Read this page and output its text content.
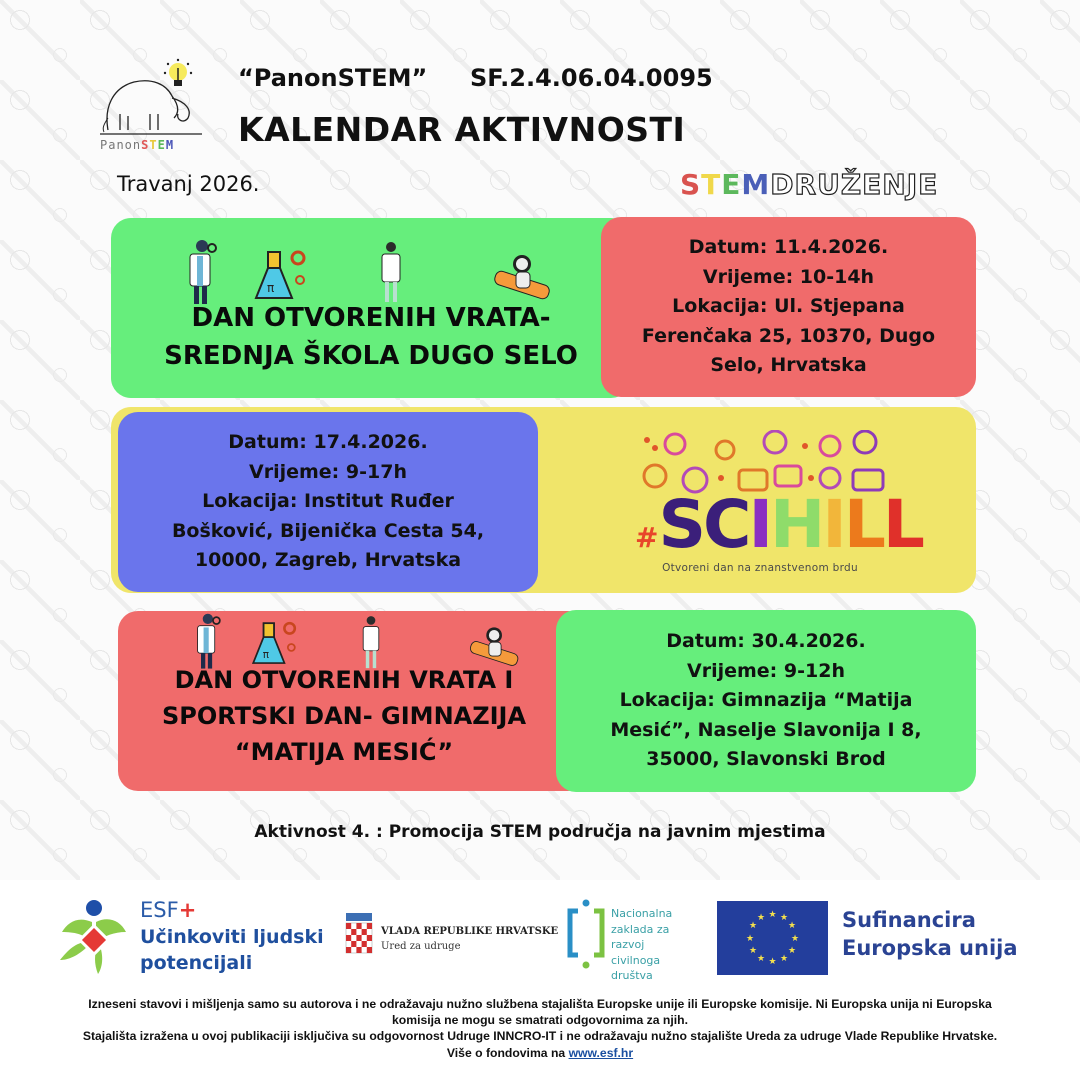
PanonSTEM
“PanonSTEM” SF.2.4.06.04.0095
KALENDAR AKTIVNOSTI
Travanj 2026.	STEMDRUŽENJE
π
DAN OTVORENIH VRATA-
SREDNJA ŠKOLA DUGO SELO
Datum: 11.4.2026.
Vrijeme: 10-14h
Lokacija: Ul. Stjepana
Ferenčaka 25, 10370, Dugo
Selo, Hrvatska
Datum: 17.4.2026.
Vrijeme: 9-17h
Lokacija: Institut Ruđer
Bošković, Bijenička Cesta 54,
10000, Zagreb, Hrvatska
#SCIHILL
Otvoreni dan na znanstvenom brdu
π
DAN OTVORENIH VRATA I
SPORTSKI DAN- GIMNAZIJA
“MATIJA MESIĆ”
Datum: 30.4.2026.
Vrijeme: 9-12h
Lokacija: Gimnazija “Matija
Mesić”, Naselje Slavonija I 8,
35000, Slavonski Brod
Aktivnost 4. : Promocija STEM područja na javnim mjestima
ESF+
Učinkoviti ljudski
potencijali
VLADA REPUBLIKE HRVATSKE
Ured za udruge
Nacionalna
zaklada za
razvoj
civilnoga
društva
★ ★
★
★
★
★
★
★
★
★
★
★	Sufinancira
Europska unija
Izneseni stavovi i mišljenja samo su autorova i ne odražavaju nužno službena stajališta Europske unije ili Europske komisije. Ni Europska unija ni Europska
komisija ne mogu se smatrati odgovornima za njih.
Stajališta izražena u ovoj publikaciji isključiva su odgovornost Udruge INNCRO-IT i ne odražavaju nužno stajalište Ureda za udruge Vlade Republike Hrvatske.
Više o fondovima na www.esf.hr
